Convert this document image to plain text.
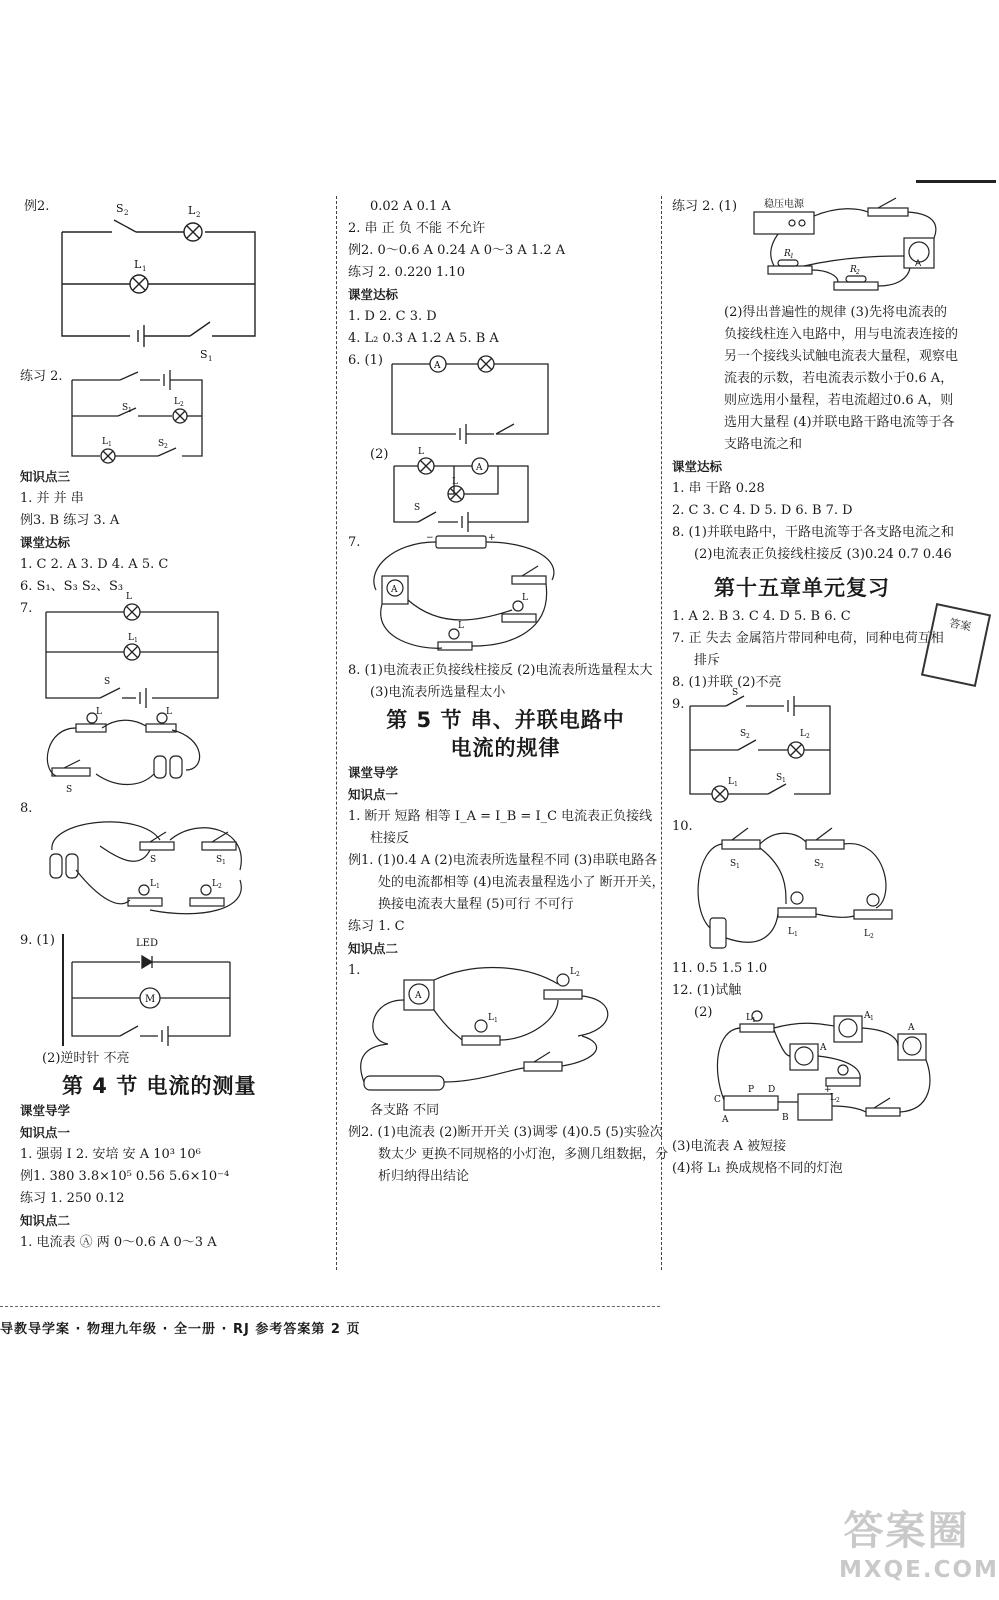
例2.	S 2	L 2
L 1
S 1
练习 2.
S 1
S 2
L 1
L 2
知识点三
1. 并 并 串
例3. B 练习 3. A
课堂达标
1. C 2. A 3. D 4. A 5. C
6. S₁、S₃ S₂、S₃
7.
L
L 1
S
L	L
S
8.
S	S 1
L 1	L 2
9. (1)	LED
M
(2)逆时针 不亮
第 4 节 电流的测量
课堂导学
知识点一
1. 强弱 I 2. 安培 安 A 10³ 10⁶
例1. 380 3.8×10⁵ 0.56 5.6×10⁻⁴
练习 1. 250 0.12
知识点二
1. 电流表 Ⓐ 两 0～0.6 A 0～3 A
0.02 A 0.1 A
2. 串 正 负 不能 不允许
例2. 0～0.6 A 0.24 A 0～3 A 1.2 A
练习 2. 0.220 1.10
课堂达标
1. D 2. C 3. D
4. L₂ 0.3 A 1.2 A 5. B A
6. (1)	A
(2)	L
A
L
S
7.	−	+
A
L
L
8. (1)电流表正负接线柱接反 (2)电流表所选量程太大 (3)电流表所选量程太小
第 5 节 串、并联电路中
电流的规律
课堂导学
知识点一
1. 断开 短路 相等 I_A = I_B = I_C 电流表正负接线柱接反
例1. (1)0.4 A (2)电流表所选量程不同 (3)串联电路各处的电流都相等 (4)电流表量程选小了 断开开关，换接电流表大量程 (5)可行 不可行
练习 1. C
知识点二
1.
A
L 2
L 1
各支路 不同
例2. (1)电流表 (2)断开开关 (3)调零 (4)0.5 (5)实验次数太少 更换不同规格的小灯泡，多测几组数据，分析归纳得出结论
练习 2. (1)	稳压电源
A
R 1
R 2
(2)得出普遍性的规律 (3)先将电流表的负接线柱连入电路中，用与电流表连接的另一个接线头试触电流表大量程，观察电流表的示数，若电流表示数小于0.6 A，则应选用小量程，若电流超过0.6 A，则选用大量程 (4)并联电路干路电流等于各支路电流之和
课堂达标
1. 串 干路 0.28
2. C 3. C 4. D 5. D 6. B 7. D
8. (1)并联电路中，干路电流等于各支路电流之和 (2)电流表正负接线柱接反 (3)0.24 0.7 0.46
第十五章单元复习
1. A 2. B 3. C 4. D 5. B 6. C
7. 正 失去 金属箔片带同种电荷，同种电荷互相排斥
8. (1)并联 (2)不亮
9.
S
S 2	L 2
L 1
S 1
10.
S 1	S 2
L 1	L 2
11. 0.5 1.5 1.0
12. (1)试触
(2)	L 1	A 1
A
A
L 2
C
A
P D
B
+
(3)电流表 A 被短接
(4)将 L₁ 换成规格不同的灯泡
答案
导教导学案 · 物理九年级 · 全一册 · RJ 参考答案第 2 页
答案圈
MXQE.COM
